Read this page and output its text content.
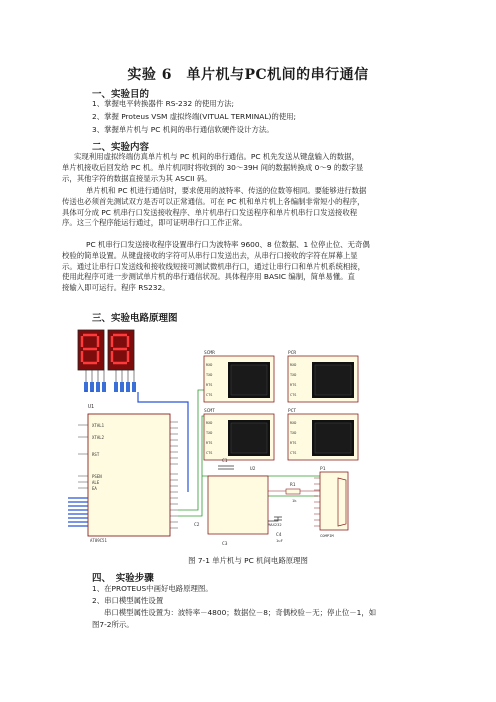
实验 6　单片机与PC机间的串行通信
一、实验目的
1、掌握电平转换器件 RS-232 的使用方法;
2、掌握 Proteus VSM 虚拟终端(VITUAL TERMINAL)的使用;
3、掌握单片机与 PC 机间的串行通信软硬件设计方法。
二、实验内容
实现利用虚拟终端仿真单片机与 PC 机间的串行通信。PC 机先发送从键盘输入的数据，
单片机接收后回发给 PC 机。单片机同时将收到的 30～39H 间的数据转换成 0～9 的数字显
示，其他字符的数据直接显示为其 ASCII 码。
单片机和 PC 机进行通信时，要求使用的波特率、传送的位数等相同。要能够进行数据
传送也必须首先测试双方是否可以正常通信。可在 PC 机和单片机上各编制非常短小的程序，
具体可分成 PC 机串行口发送接收程序、单片机串行口发送程序和单片机串行口发送接收程
序。这三个程序能运行通过，即可证明串行口工作正常。
PC 机串行口发送接收程序设置串行口为波特率 9600、8 位数据、1 位停止位、无奇偶
校验的简单设置。从键盘接收的字符可从串行口发送出去，从串行口接收的字符在屏幕上显
示。通过让串行口发送线和接收线短接可测试微机串行口，通过让串行口和单片机系统相接，
使用此程序可进一步测试单片机的串行通信状况。具体程序用 BASIC 编制，简单易懂。直
接输入即可运行。程序 RS232。
三、实验电路原理图
U1
XTAL1
XTAL2
RST
PSEN
ALE
EA
AT89C51
SCMR
RXD
TXD
RTS
CTS
PCR
RXD
TXD
RTS
CTS
SCMT
RXD
TXD
RTS
CTS
PCT
RXD
TXD
RTS
CTS
U2
C1
MAX232
C3
C4
1uF
C2
R1
1k
P1
COMPIM
图 7-1 单片机与 PC 机间电路原理图
四、　实验步骤
1、在PROTEUS中画好电路原理图。
2、串口模型属性设置
串口模型属性设置为：波特率－4800；数据位－8；奇偶校验－无；停止位－1，如
图7-2所示。
